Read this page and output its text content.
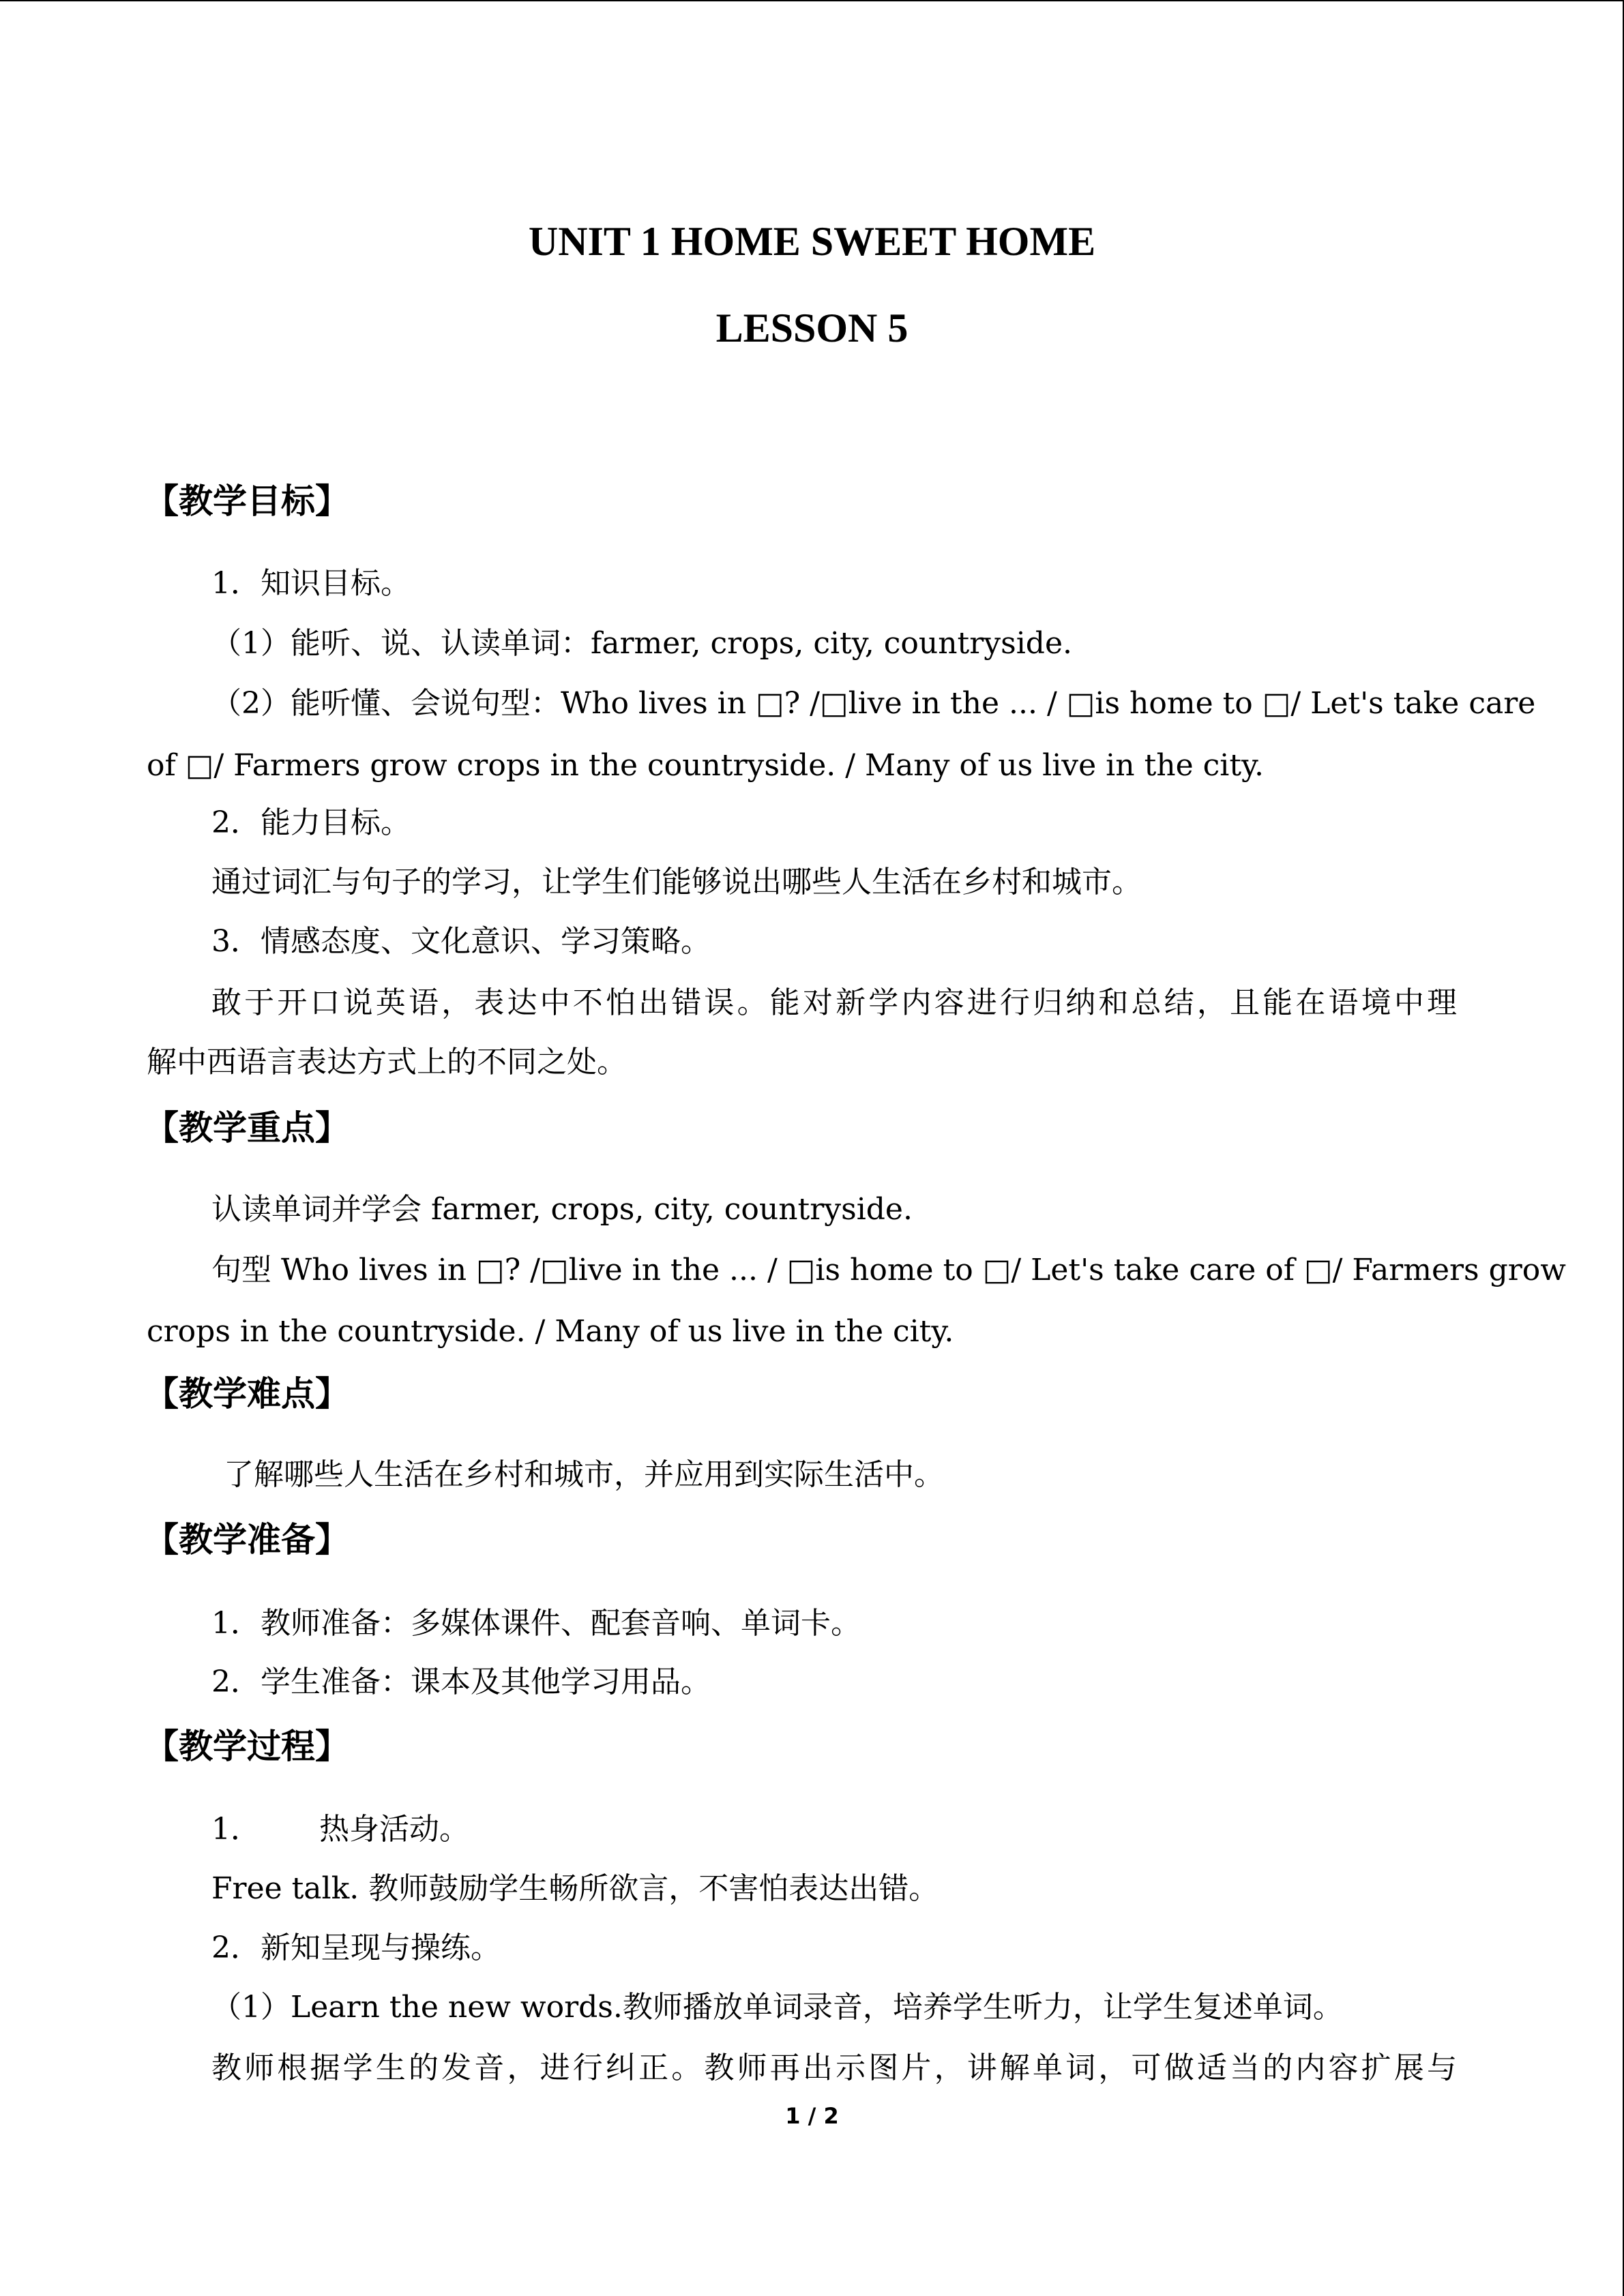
UNIT 1 HOME SWEET HOME
LESSON 5
【教学目标】
1．知识目标。
（1）能听、说、认读单词：farmer, crops, city, countryside.
（2）能听懂、会说句型：Who lives in □? /□live in the ... / □is home to □/ Let's take care
of □/ Farmers grow crops in the countryside. / Many of us live in the city.
2．能力目标。
通过词汇与句子的学习，让学生们能够说出哪些人生活在乡村和城市。
3．情感态度、文化意识、学习策略。
敢于开口说英语，表达中不怕出错误。能对新学内容进行归纳和总结，且能在语境中理
解中西语言表达方式上的不同之处。
【教学重点】
认读单词并学会 farmer, crops, city, countryside.
句型 Who lives in □? /□live in the ... / □is home to □/ Let's take care of □/ Farmers grow
crops in the countryside. / Many of us live in the city.
【教学难点】
了解哪些人生活在乡村和城市，并应用到实际生活中。
【教学准备】
1．教师准备：多媒体课件、配套音响、单词卡。
2．学生准备：课本及其他学习用品。
【教学过程】
1． 热身活动。
Free talk. 教师鼓励学生畅所欲言，不害怕表达出错。
2．新知呈现与操练。
（1）Learn the new words.教师播放单词录音，培养学生听力，让学生复述单词。
教师根据学生的发音，进行纠正。教师再出示图片，讲解单词，可做适当的内容扩展与
1 / 2
